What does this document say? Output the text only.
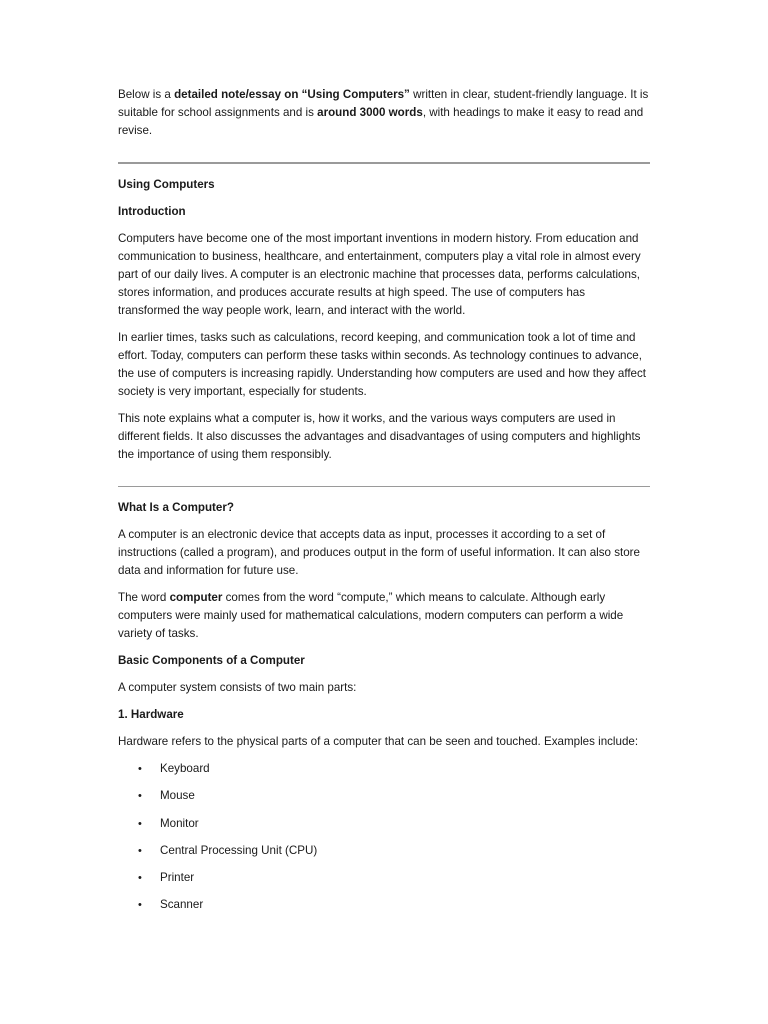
Below is a detailed note/essay on “Using Computers” written in clear, student-friendly language. It is suitable for school assignments and is around 3000 words, with headings to make it easy to read and revise.

Using Computers

Introduction

Computers have become one of the most important inventions in modern history. From education and communication to business, healthcare, and entertainment, computers play a vital role in almost every part of our daily lives. A computer is an electronic machine that processes data, performs calculations, stores information, and produces accurate results at high speed. The use of computers has transformed the way people work, learn, and interact with the world.

In earlier times, tasks such as calculations, record keeping, and communication took a lot of time and effort. Today, computers can perform these tasks within seconds. As technology continues to advance, the use of computers is increasing rapidly. Understanding how computers are used and how they affect society is very important, especially for students.

This note explains what a computer is, how it works, and the various ways computers are used in different fields. It also discusses the advantages and disadvantages of using computers and highlights the importance of using them responsibly.

What Is a Computer?

A computer is an electronic device that accepts data as input, processes it according to a set of instructions (called a program), and produces output in the form of useful information. It can also store data and information for future use.

The word computer comes from the word “compute,” which means to calculate. Although early computers were mainly used for mathematical calculations, modern computers can perform a wide variety of tasks.

Basic Components of a Computer

A computer system consists of two main parts:

1. Hardware

Hardware refers to the physical parts of a computer that can be seen and touched. Examples include:

• Keyboard
• Mouse
• Monitor
• Central Processing Unit (CPU)
• Printer
• Scanner
